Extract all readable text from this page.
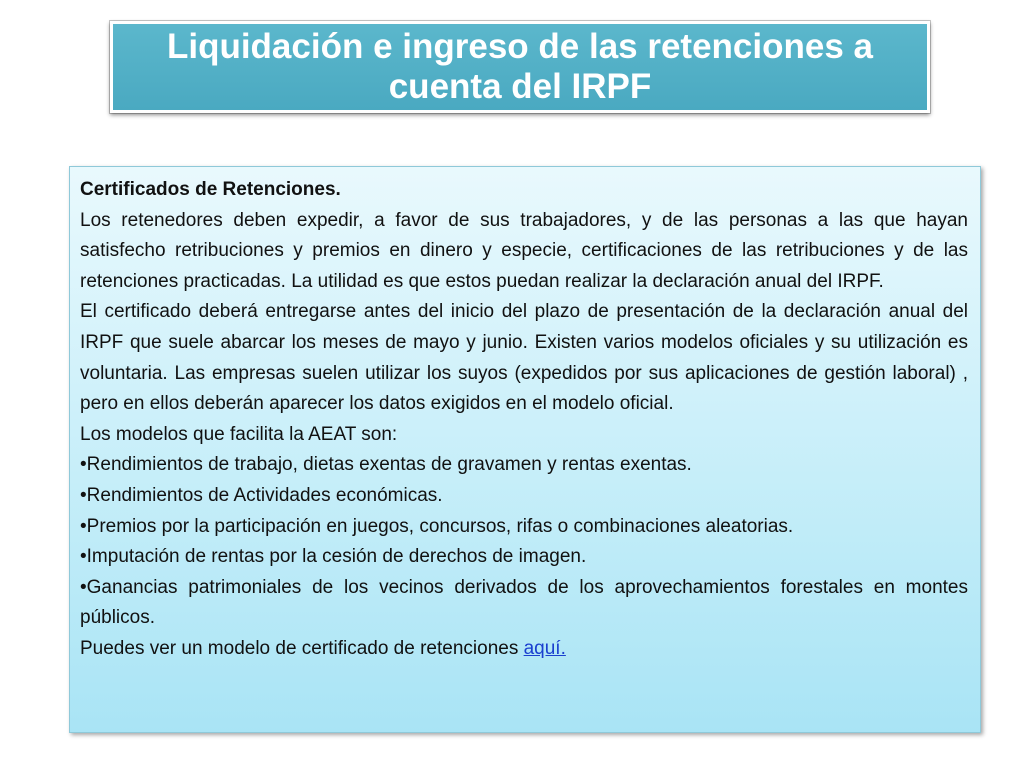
Liquidación e ingreso de las retenciones a cuenta del IRPF

Certificados de Retenciones.

Los retenedores deben expedir, a favor de sus trabajadores, y de las personas a las que hayan satisfecho retribuciones y premios en dinero y especie, certificaciones de las retribuciones y de las retenciones practicadas. La utilidad es que estos puedan realizar la declaración anual del IRPF.

El certificado deberá entregarse antes del inicio del plazo de presentación de la declaración anual del IRPF que suele abarcar los meses de mayo y junio. Existen varios modelos oficiales y su utilización es voluntaria. Las empresas suelen utilizar los suyos (expedidos por sus aplicaciones de gestión laboral) , pero en ellos deberán aparecer los datos exigidos en el modelo oficial.

Los modelos que facilita la AEAT son:

•Rendimientos de trabajo, dietas exentas de gravamen y rentas exentas.

•Rendimientos de Actividades económicas.

•Premios por la participación en juegos, concursos, rifas o combinaciones aleatorias.

•Imputación de rentas por la cesión de derechos de imagen.

•Ganancias patrimoniales de los vecinos derivados de los aprovechamientos forestales en montes públicos.

Puedes ver un modelo de certificado de retenciones aquí.
